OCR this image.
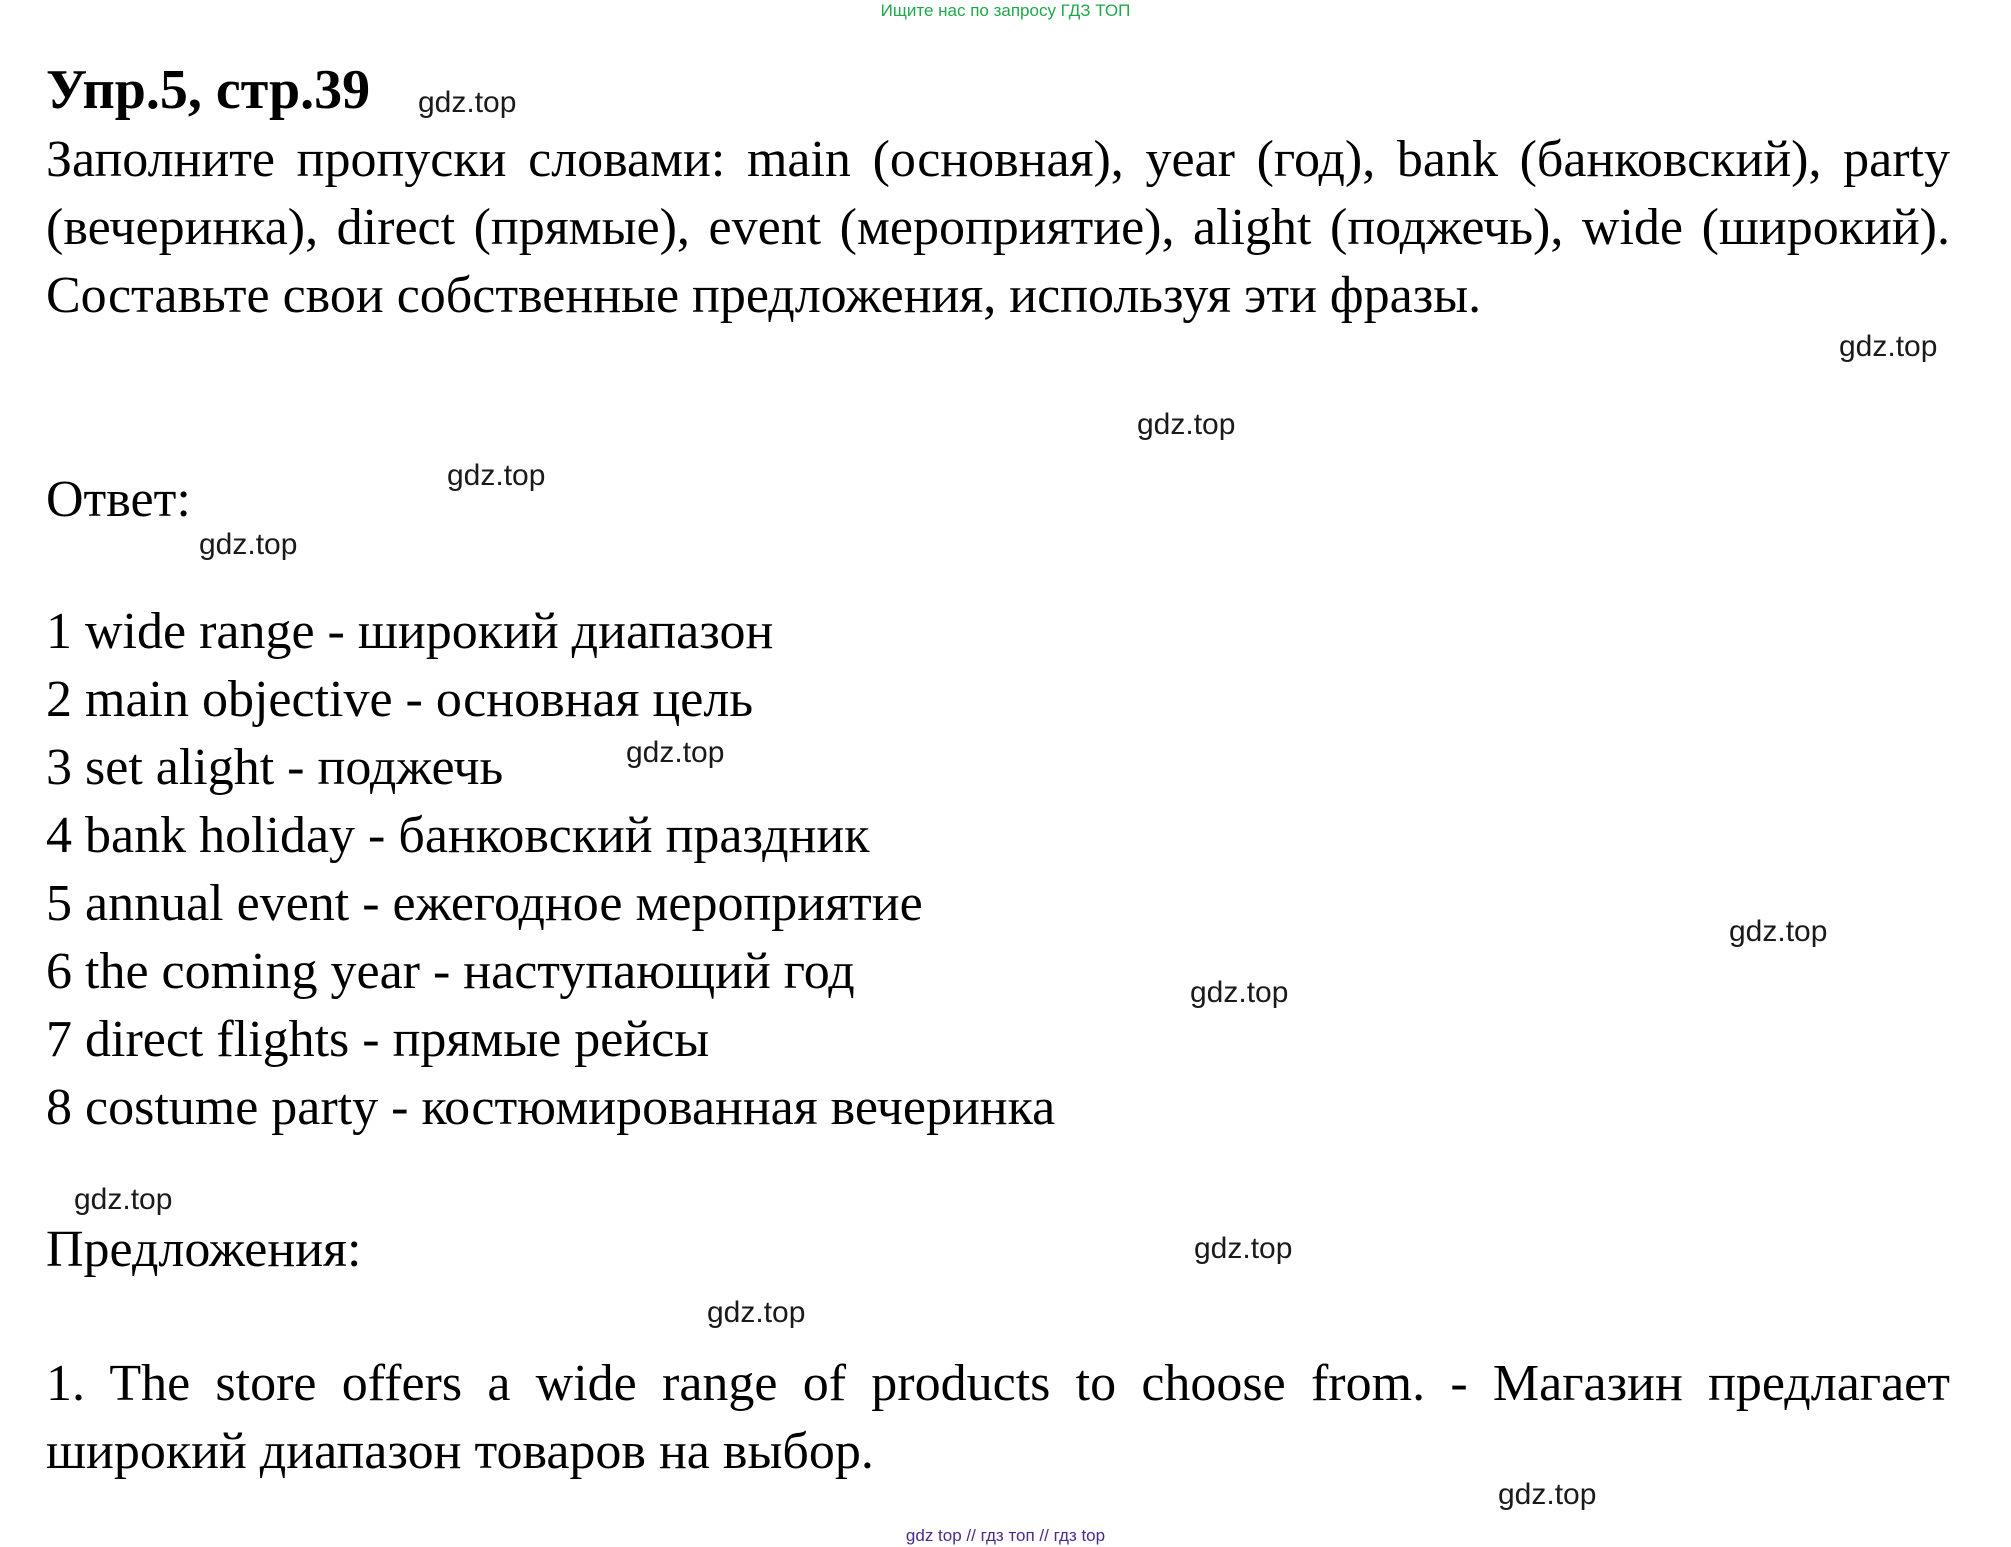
Ищите нас по запросу ГДЗ ТОП
Упр.5, стр.39 gdz.top
Заполните пропуски словами: main (основная), year (год), bank (банковский), party (вечеринка), direct (прямые), event (мероприятие), alight (поджечь), wide (широкий). Составьте свои собственные предложения, используя эти фразы.
gdz.top
gdz.top
Ответ:	gdz.top
gdz.top
1 wide range - широкий диапазон
2 main objective - основная цель
3 set alight - поджечь
4 bank holiday - банковский праздник
5 annual event - ежегодное мероприятие
6 the coming year - наступающий год
7 direct flights - прямые рейсы
8 costume party - костюмированная вечеринка
gdz.top
gdz.top
gdz.top
gdz.top
Предложения:	gdz.top
gdz.top
1. The store offers a wide range of products to choose from. - Магазин предлагает широкий диапазон товаров на выбор.
gdz.top
gdz top // гдз топ // гдз top
